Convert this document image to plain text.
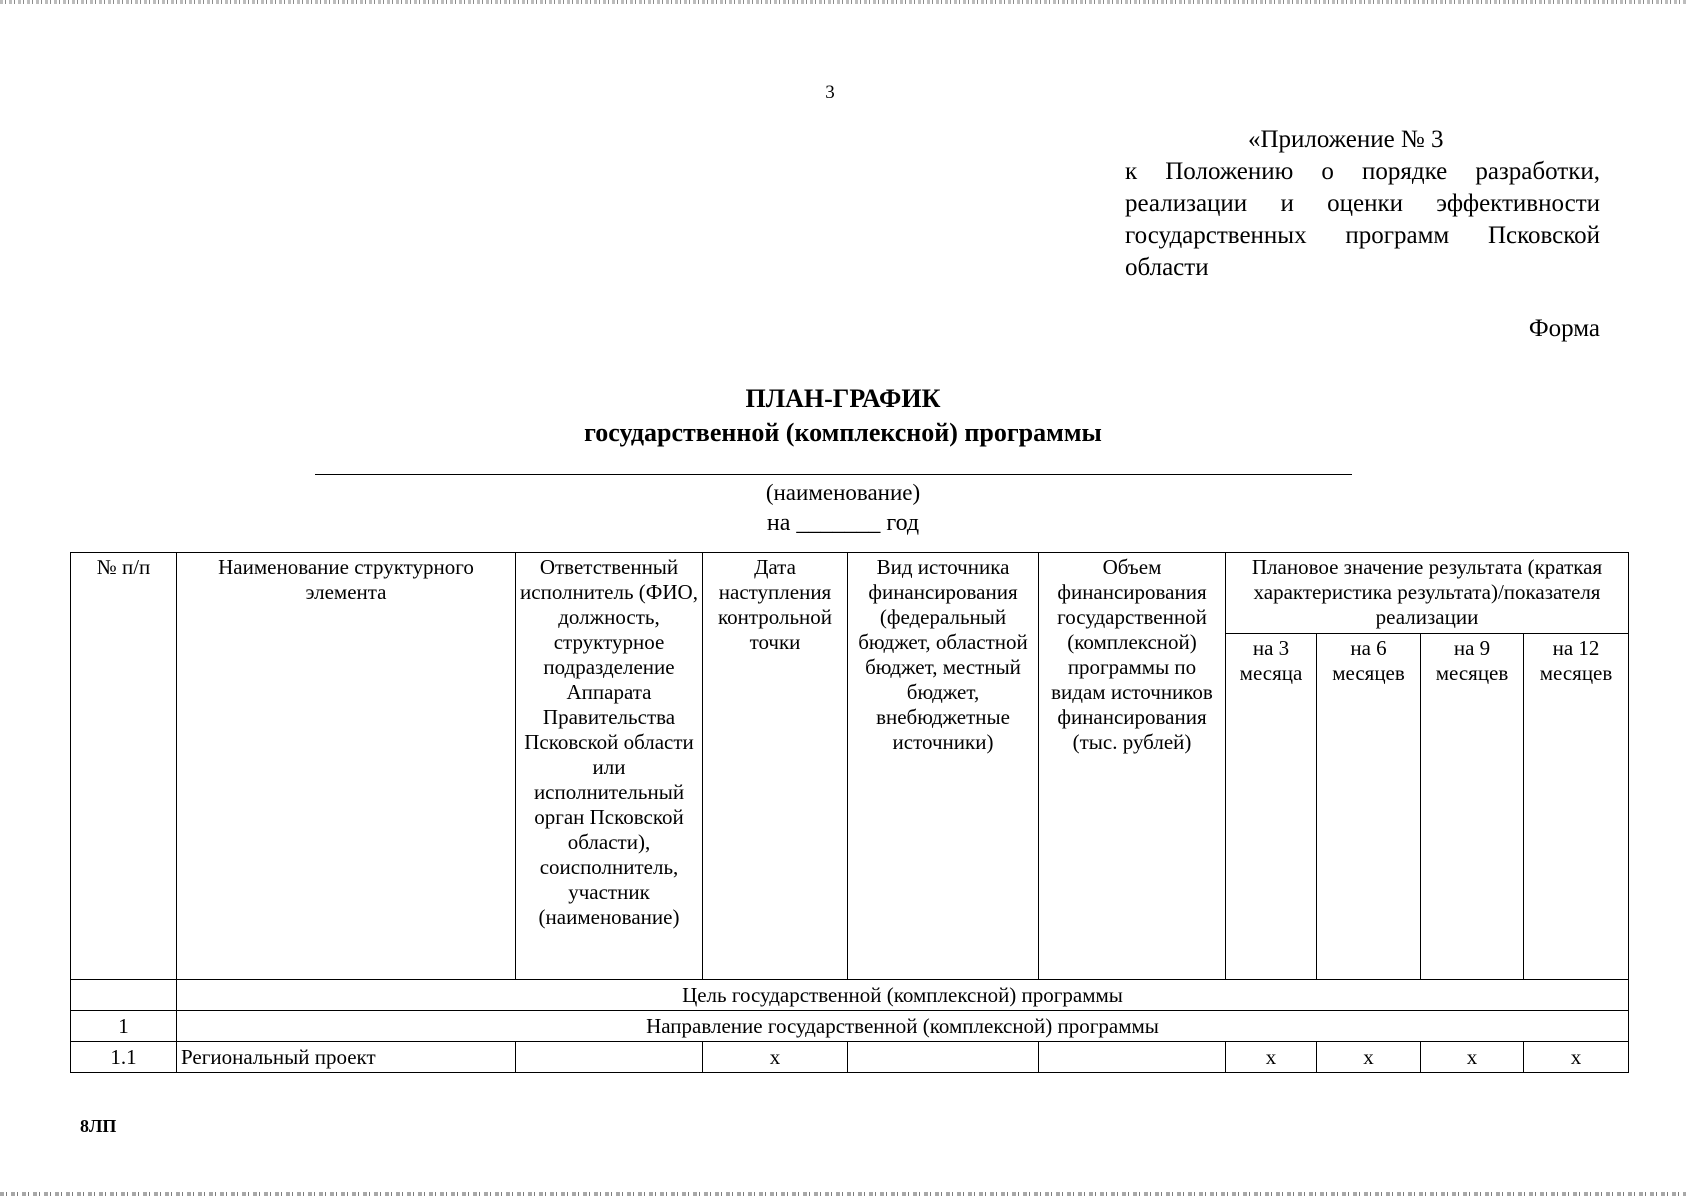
3
«Приложение № 3
к Положению о порядке разработки, реализации и оценки эффективности государственных программ Псковской области
Форма
ПЛАН-ГРАФИК
государственной (комплексной) программы
(наименование)
на _______ год
№ п/п	Наименование структурного элемента	Ответственный исполнитель (ФИО, должность, структурное подразделение Аппарата Правительства Псковской области или исполнительный орган Псковской области), соисполнитель, участник (наименование)	Дата наступления контрольной точки	Вид источника финансирования (федеральный бюджет, областной бюджет, местный бюджет, внебюджетные источники)	Объем финансирования государственной (комплексной) программы по видам источников финансирования (тыс. рублей)	Плановое значение результата (краткая характеристика результата)/показателя реализации			
						на 3 месяца	на 6 месяцев	на 9 месяцев	на 12 месяцев
	Цель государственной (комплексной) программы								
1	Направление государственной (комплексной) программы								
1.1	Региональный проект		х			х	х	х	х
8ЛП
